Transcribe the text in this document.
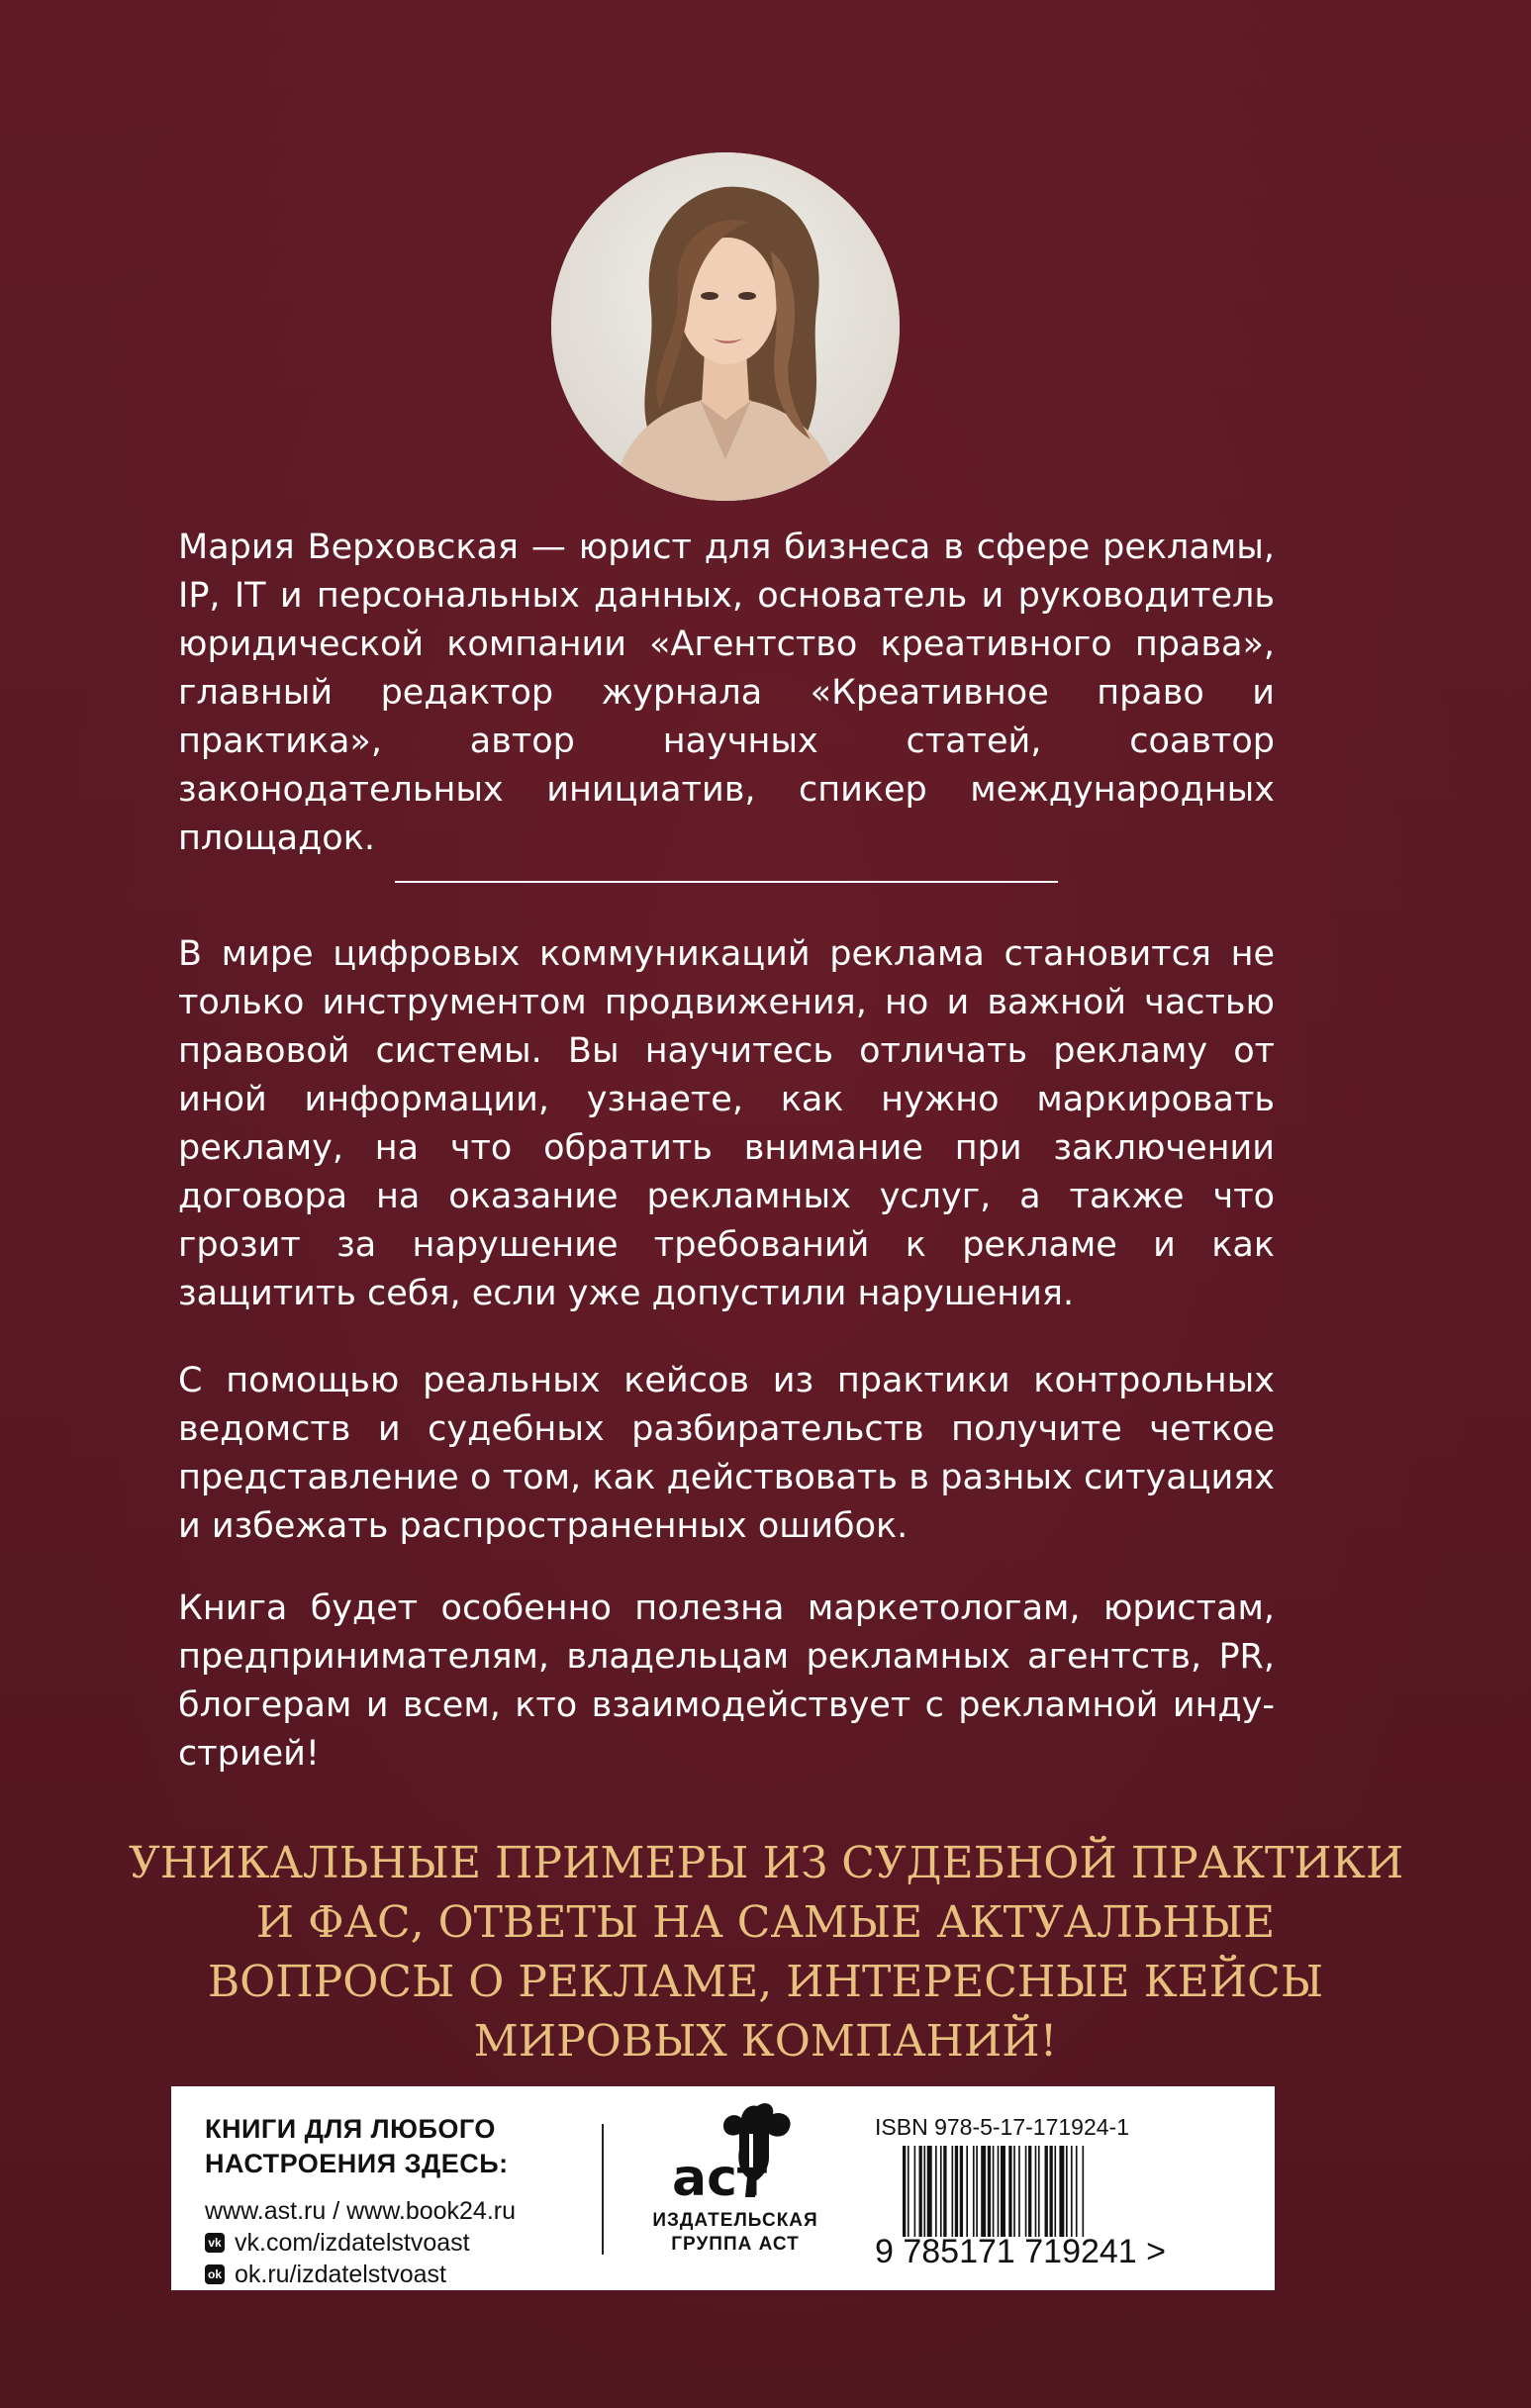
Мария Верховская — юрист для бизнеса в сфере рекламы, IP, IT и персональных данных, основатель и руководитель юридической компании «Агентство креативного права», главный редактор журнала «Креативное право и практика», автор научных статей, соавтор законодательных инициатив, спикер международных площадок.

В мире цифровых коммуникаций реклама становится не только инструментом продвижения, но и важной частью правовой системы. Вы научитесь отличать рекламу от иной информации, узнаете, как нужно маркировать рекламу, на что обратить внимание при заключении договора на оказание рекламных услуг, а также что грозит за нарушение требований к рекламе и как защитить себя, если уже допустили нарушения.

С помощью реальных кейсов из практики контрольных ведомств и судебных разбирательств получите четкое представление о том, как действовать в разных ситуациях и избежать распространенных ошибок.

Книга будет особенно полезна маркетологам, юристам, предпринимателям, владельцам рекламных агентств, PR, блогерам и всем, кто взаимодействует с рекламной индустрией!

УНИКАЛЬНЫЕ ПРИМЕРЫ ИЗ СУДЕБНОЙ ПРАКТИКИ
И ФАС, ОТВЕТЫ НА САМЫЕ АКТУАЛЬНЫЕ
ВОПРОСЫ О РЕКЛАМЕ, ИНТЕРЕСНЫЕ КЕЙСЫ
МИРОВЫХ КОМПАНИЙ!

КНИГИ ДЛЯ ЛЮБОГО
НАСТРОЕНИЯ ЗДЕСЬ:

www.ast.ru / www.book24.ru
vk vk.com/izdatelstvoast
ok ok.ru/izdatelstvoast
аст
ИЗДАТЕЛЬСКАЯ
ГРУППА АСТ
ISBN 978-5-17-171924-1
9 785171 719241 >
